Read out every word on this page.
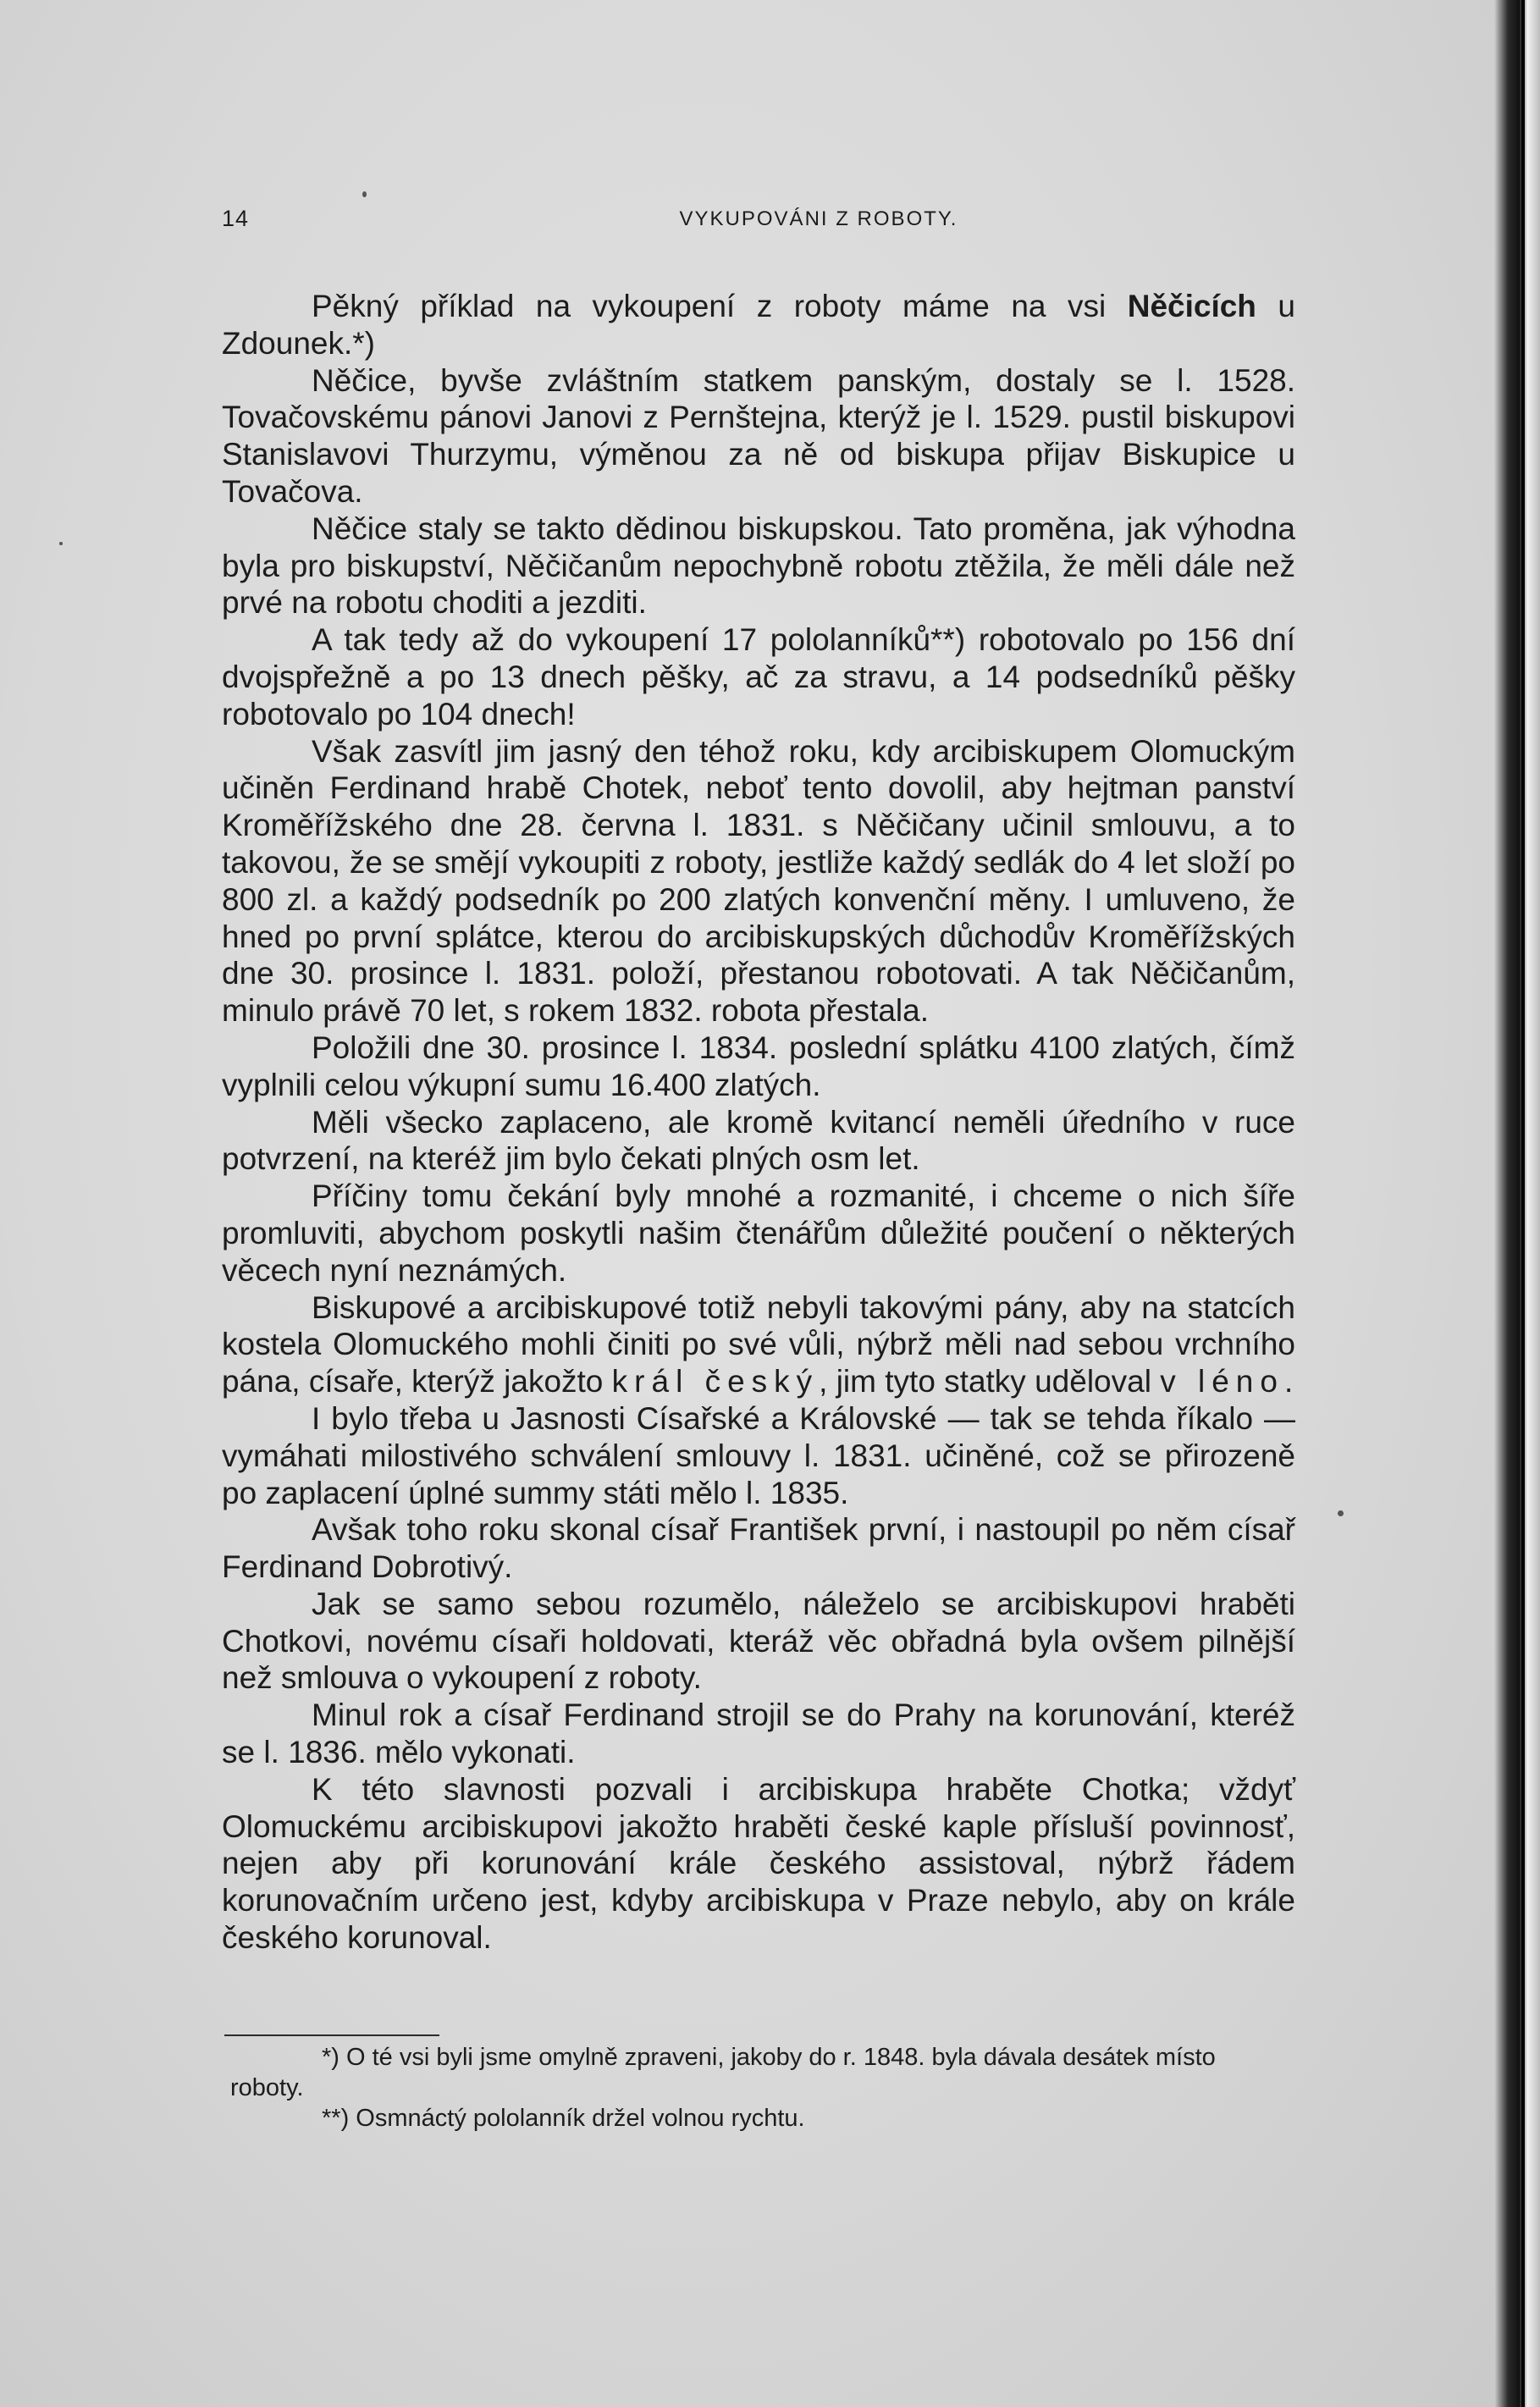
14	VYKUPOVÁNI Z ROBOTY.

Pěkný příklad na vykoupení z roboty máme na vsi Něčicích u Zdounek.*)

Něčice, byvše zvláštním statkem panským, dostaly se l. 1528. Tovačovskému pánovi Janovi z Pernštejna, kterýž je l. 1529. pustil biskupovi Stanislavovi Thurzymu, výměnou za ně od biskupa přijav Biskupice u Tovačova.

Něčice staly se takto dědinou biskupskou. Tato proměna, jak výhodna byla pro biskupství, Něčičanům nepochybně robotu ztěžila, že měli dále než prvé na robotu choditi a jezditi.

A tak tedy až do vykoupení 17 pololanníků**) robotovalo po 156 dní dvojspřežně a po 13 dnech pěšky, ač za stravu, a 14 podsedníků pěšky robotovalo po 104 dnech!

Však zasvítl jim jasný den téhož roku, kdy arcibiskupem Olomuckým učiněn Ferdinand hrabě Chotek, neboť tento dovolil, aby hejtman panství Kroměřížského dne 28. června l. 1831. s Něčičany učinil smlouvu, a to takovou, že se smějí vykoupiti z roboty, jestliže každý sedlák do 4 let složí po 800 zl. a každý podsedník po 200 zlatých konvenční měny. I umluveno, že hned po první splátce, kterou do arcibiskupských důchodův Kroměřížských dne 30. prosince l. 1831. položí, přestanou robotovati. A tak Něčičanům, minulo právě 70 let, s rokem 1832. robota přestala.

Položili dne 30. prosince l. 1834. poslední splátku 4100 zlatých, čímž vyplnili celou výkupní sumu 16.400 zlatých.

Měli všecko zaplaceno, ale kromě kvitancí neměli úředního v ruce potvrzení, na kteréž jim bylo čekati plných osm let.

Příčiny tomu čekání byly mnohé a rozmanité, i chceme o nich šíře promluviti, abychom poskytli našim čtenářům důležité poučení o některých věcech nyní neznámých.

Biskupové a arcibiskupové totiž nebyli takovými pány, aby na statcích kostela Olomuckého mohli činiti po své vůli, nýbrž měli nad sebou vrchního pána, císaře, kterýž jakožto král český, jim tyto statky uděloval v léno.

I bylo třeba u Jasnosti Císařské a Královské — tak se tehda říkalo — vymáhati milostivého schválení smlouvy l. 1831. učiněné, což se přirozeně po zaplacení úplné summy státi mělo l. 1835.

Avšak toho roku skonal císař František první, i nastoupil po něm císař Ferdinand Dobrotivý.

Jak se samo sebou rozumělo, náleželo se arcibiskupovi hraběti Chotkovi, novému císaři holdovati, kteráž věc obřadná byla ovšem pilnější než smlouva o vykoupení z roboty.

Minul rok a císař Ferdinand strojil se do Prahy na korunování, kteréž se l. 1836. mělo vykonati.

K této slavnosti pozvali i arcibiskupa hraběte Chotka; vždyť Olomuckému arcibiskupovi jakožto hraběti české kaple přísluší povinnosť, nejen aby při korunování krále českého assistoval, nýbrž řádem korunovačním určeno jest, kdyby arcibiskupa v Praze nebylo, aby on krále českého korunoval.

*) O té vsi byli jsme omylně zpraveni, jakoby do r. 1848. byla dávala desátek místo roboty.

**) Osmnáctý pololanník držel volnou rychtu.
